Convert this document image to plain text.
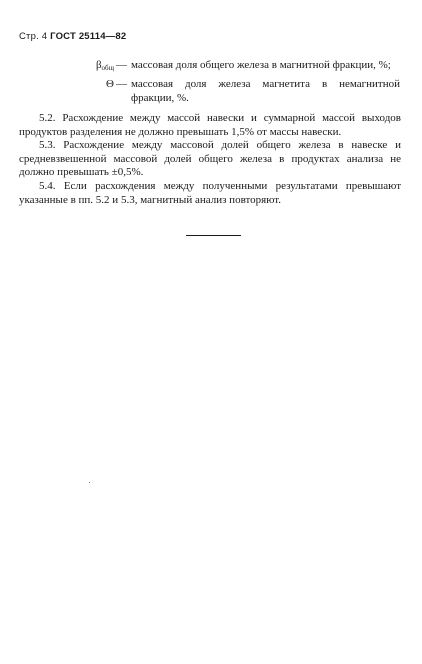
Стр. 4 ГОСТ 25114—82
$\beta_{общ}$ — массовая доля общего железа в магнитной фракции, %;
Θ — массовая доля железа магнетита в немагнитной фракции, %.

5.2. Расхождение между массой навески и суммарной массой выходов продуктов разделения не должно превышать 1,5% от массы навески.

5.3. Расхождение между массовой долей общего железа в навеске и средневзвешенной массовой долей общего железа в продуктах анализа не должно превышать ±0,5%.

5.4. Если расхождения между полученными результатами превышают указанные в пп. 5.2 и 5.3, магнитный анализ повторяют.
